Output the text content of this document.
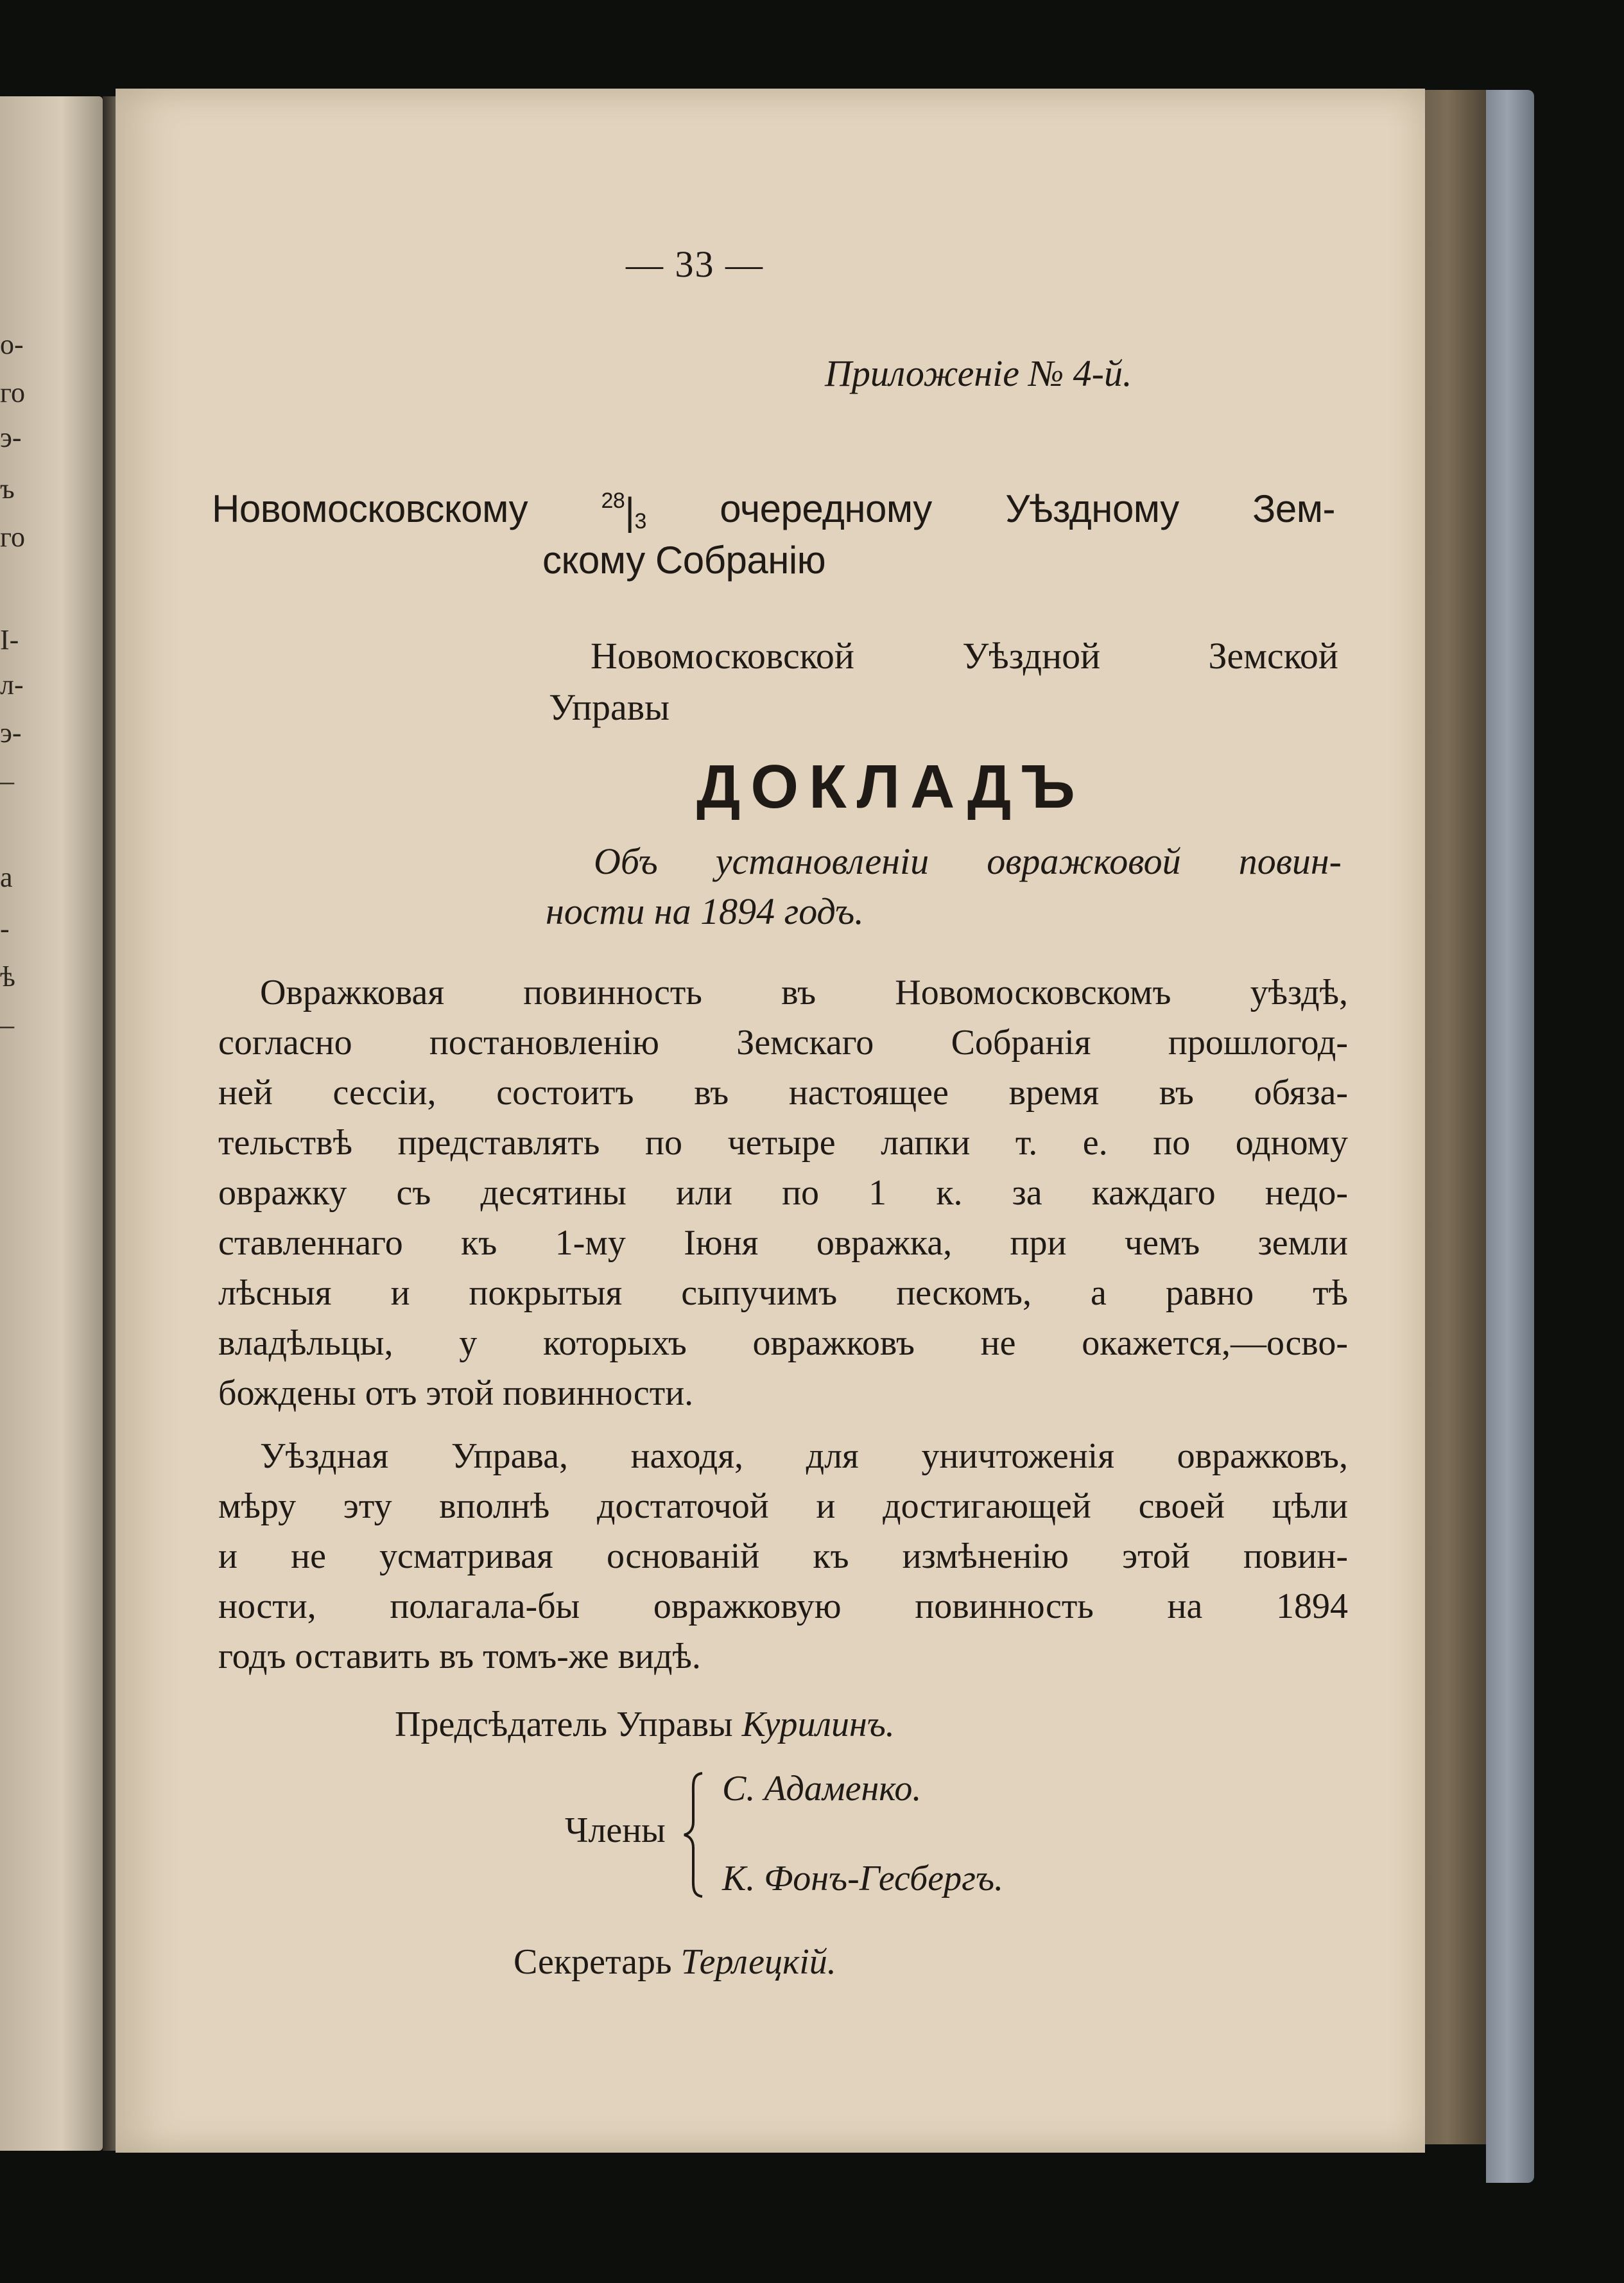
о-
го
э-
ъ
го
I-
л-
э-
–
а
-
ѣ
–
— 33 —
Приложенiе № 4-й.
Новомосковскому	$^{28}|_3$ очередному Уѣздному Зем-
скому Собранiю
Новомосковской	Уѣздной	Земской
Управы
ДОКЛАДЪ
Объ установленiи овражковой повин-
ности на 1894 годъ.
Овражковая повинность въ Новомосковскомъ уѣздѣ,
согласно постановленiю Земскаго Собранiя прошлогод-
ней сессiи, состоитъ въ настоящее время въ обяза-
тельствѣ представлять по четыре лапки т. е. по одному
овражку съ десятины или по 1 к. за каждаго недо-
ставленнаго къ 1-му Iюня овражка, при чемъ земли
лѣсныя и покрытыя сыпучимъ пескомъ, а равно тѣ
владѣльцы, у которыхъ овражковъ не окажется,—осво-
бождены отъ этой повинности.
Уѣздная Управа, находя, для уничтоженiя овражковъ,
мѣру эту вполнѣ достаточой и достигающей своей цѣли
и не усматривая основанiй къ измѣненiю этой повин-
ности, полагала-бы овражковую повинность на 1894
годъ оставить въ томъ-же видѣ.
Предсѣдатель Управы Курилинъ.
Члены
С. Адаменко.
К. Фонъ-Гесбергъ.
Секретарь Терлецкiй.
